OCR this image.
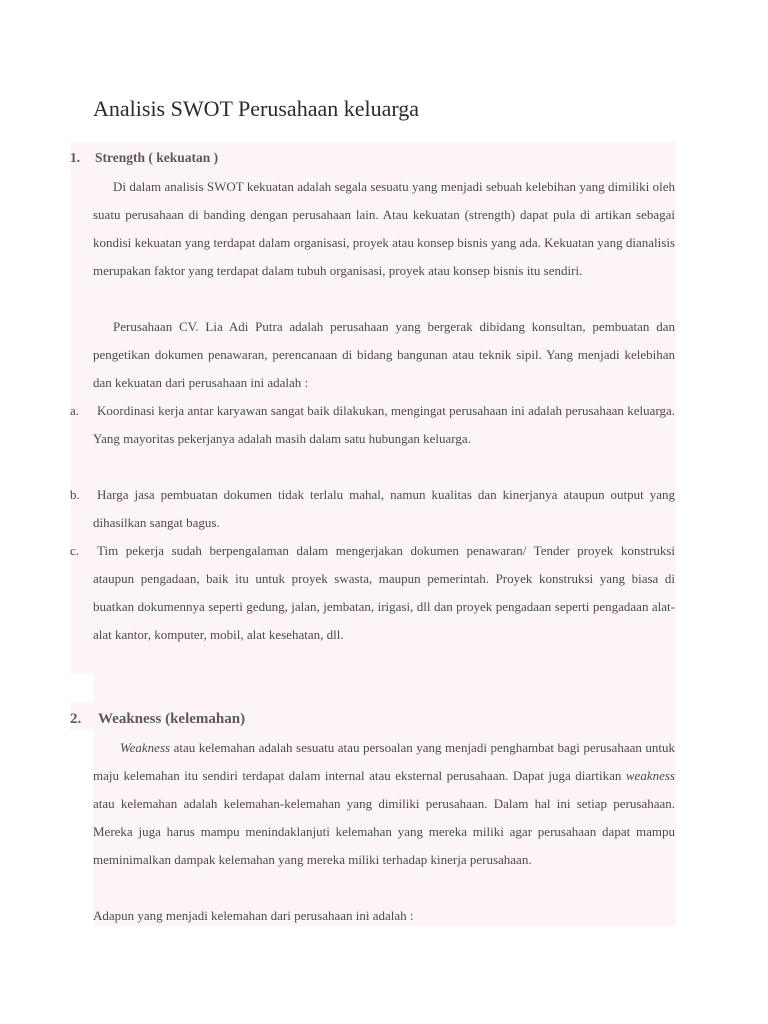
Analisis SWOT Perusahaan keluarga
1. Strength ( kekuatan )

Di dalam analisis SWOT kekuatan adalah segala sesuatu yang menjadi sebuah kelebihan yang dimiliki oleh suatu perusahaan di banding dengan perusahaan lain. Atau kekuatan (strength) dapat pula di artikan sebagai kondisi kekuatan yang terdapat dalam organisasi, proyek atau konsep bisnis yang ada. Kekuatan yang dianalisis merupakan faktor yang terdapat dalam tubuh organisasi, proyek atau konsep bisnis itu sendiri.

Perusahaan CV. Lia Adi Putra adalah perusahaan yang bergerak dibidang konsultan, pembuatan dan pengetikan dokumen penawaran, perencanaan di bidang bangunan atau teknik sipil. Yang menjadi kelebihan dan kekuatan dari perusahaan ini adalah :

a.	Koordinasi kerja antar karyawan sangat baik dilakukan, mengingat perusahaan ini adalah perusahaan keluarga. Yang mayoritas pekerjanya adalah masih dalam satu hubungan keluarga.
b.	Harga jasa pembuatan dokumen tidak terlalu mahal, namun kualitas dan kinerjanya ataupun output yang dihasilkan sangat bagus.
c.	Tim pekerja sudah berpengalaman dalam mengerjakan dokumen penawaran/ Tender proyek konstruksi ataupun pengadaan, baik itu untuk proyek swasta, maupun pemerintah. Proyek konstruksi yang biasa di buatkan dokumennya seperti gedung, jalan, jembatan, irigasi, dll dan proyek pengadaan seperti pengadaan alat-alat kantor, komputer, mobil, alat kesehatan, dll.
2. Weakness (kelemahan)

Weakness atau kelemahan adalah sesuatu atau persoalan yang menjadi penghambat bagi perusahaan untuk maju kelemahan itu sendiri terdapat dalam internal atau eksternal perusahaan. Dapat juga diartikan weakness atau kelemahan adalah kelemahan-kelemahan yang dimiliki perusahaan. Dalam hal ini setiap perusahaan. Mereka juga harus mampu menindaklanjuti kelemahan yang mereka miliki agar perusahaan dapat mampu meminimalkan dampak kelemahan yang mereka miliki terhadap kinerja perusahaan.

Adapun yang menjadi kelemahan dari perusahaan ini adalah :
